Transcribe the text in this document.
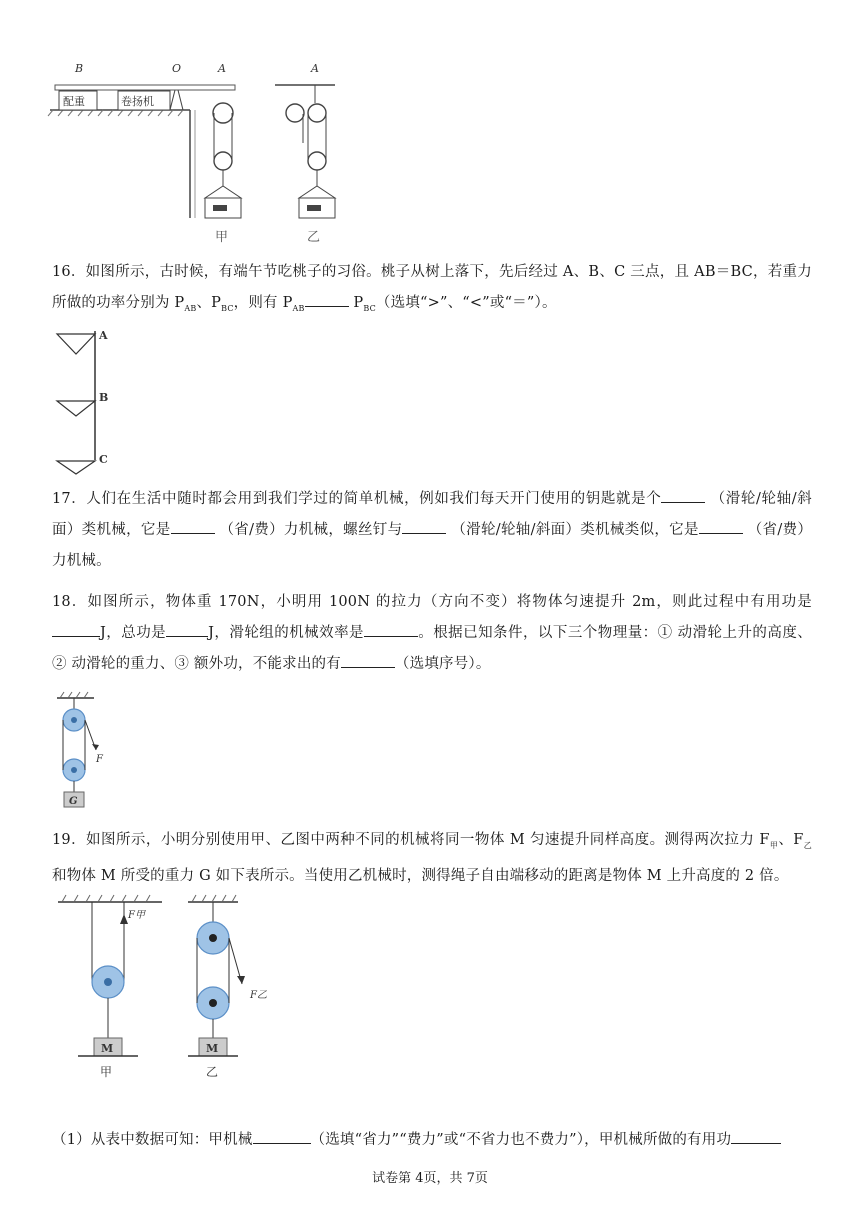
B	O	A	A
配重	卷扬机
甲	乙
16．如图所示，古时候，有端午节吃桃子的习俗。桃子从树上落下，先后经过 A、B、C 三点，且 AB＝BC，若重力所做的功率分别为 $P_{AB}$、$P_{BC}$，则有 $P_{AB}$	$P_{BC}$（选填“>”、“<”或“＝”）。
A
B
C
17．人们在生活中随时都会用到我们学过的简单机械，例如我们每天开门使用的钥匙就是个	（滑轮/轮轴/斜面）类机械，它是	（省/费）力机械，螺丝钉与	（滑轮/轮轴/斜面）类机械类似，它是	（省/费）力机械。
18．如图所示，物体重 170N，小明用 100N 的拉力（方向不变）将物体匀速提升 2m，则此过程中有用功是J，总功是	J，滑轮组的机械效率是	。根据已知条件，以下三个物理量：① 动滑轮上升的高度、② 动滑轮的重力、③ 额外功，不能求出的有	（选填序号）。
F
G
19．如图所示，小明分别使用甲、乙图中两种不同的机械将同一物体 M 匀速提升同样高度。测得两次拉力 $F_甲$、$F_乙$和物体 M 所受的重力 G 如下表所示。当使用乙机械时，测得绳子自由端移动的距离是物体 M 上升高度的 2 倍。
M
F甲
甲
F乙
M
乙
（1）从表中数据可知：甲机械	（选填“省力”“费力”或“不省力也不费力”），甲机械所做的有用功
试卷第 4页，共 7页
